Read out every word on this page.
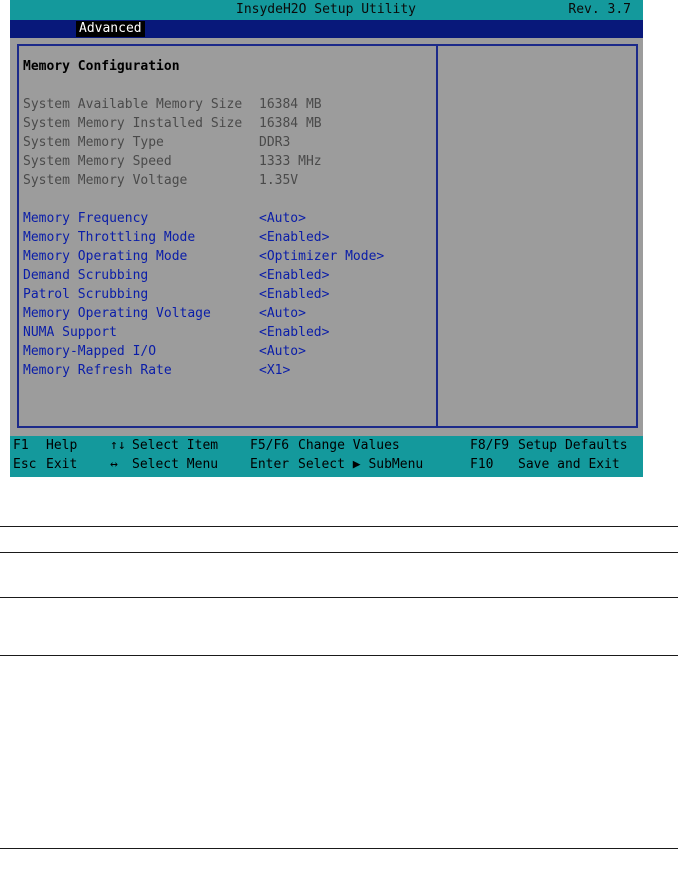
InsydeH2O Setup Utility	Rev. 3.7
Advanced
Memory Configuration
System Available Memory Size 16384 MB
System Memory Installed Size 16384 MB
System Memory Type	DDR3
System Memory Speed	1333 MHz
System Memory Voltage	1.35V
Memory Frequency	<Auto>
Memory Throttling Mode	<Enabled>
Memory Operating Mode	<Optimizer Mode>
Demand Scrubbing	<Enabled>
Patrol Scrubbing	<Enabled>
Memory Operating Voltage	<Auto>
NUMA Support	<Enabled>
Memory-Mapped I/O	<Auto>
Memory Refresh Rate	<X1>
F1 Help	↑↓ Select Item F5/F6 Change Values	F8/F9 Setup Defaults
Esc Exit	↔ Select Menu Enter Select ▶ SubMenu	F10 Save and Exit
